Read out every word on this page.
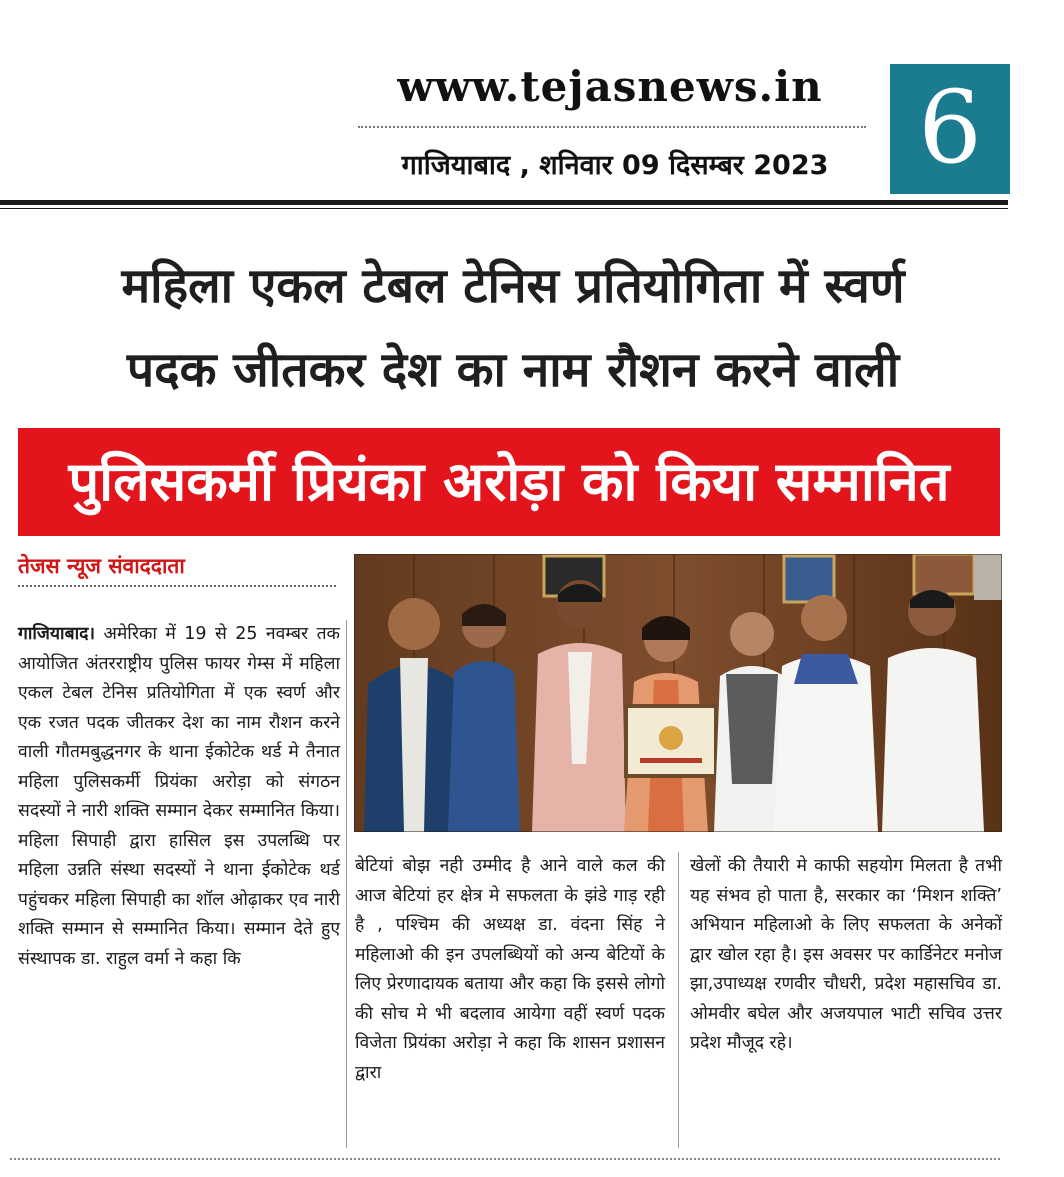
www.tejasnews.in
गाजियाबाद , शनिवार 09 दिसम्बर 2023 6
महिला एकल टेबल टेनिस प्रतियोगिता में स्वर्ण
पदक जीतकर देश का नाम रौशन करने वाली
पुलिसकर्मी प्रियंका अरोड़ा को किया सम्मानित
तेजस न्यूज संवाददाता
गाजियाबाद। अमेरिका में 19 से 25 नवम्बर तक आयोजित अंतरराष्ट्रीय पुलिस फायर गेम्स में महिला एकल टेबल टेनिस प्रतियोगिता में एक स्वर्ण और एक रजत पदक जीतकर देश का नाम रौशन करने वाली गौतमबुद्धनगर के थाना ईकोटेक थर्ड मे तैनात महिला पुलिसकर्मी प्रियंका अरोड़ा को संगठन सदस्यों ने नारी शक्ति सम्मान देकर सम्मानित किया। महिला सिपाही द्वारा हासिल इस उपलब्धि पर महिला उन्नति संस्था सदस्यों ने थाना ईकोटेक थर्ड पहुंचकर महिला सिपाही का शॉल ओढ़ाकर एव नारी शक्ति सम्मान से सम्मानित किया। सम्मान देते हुए संस्थापक डा. राहुल वर्मा ने कहा कि
बेटियां बोझ नही उम्मीद है आने वाले कल की आज बेटियां हर क्षेत्र मे सफलता के झंडे गाड़ रही है , पश्चिम की अध्यक्ष डा. वंदना सिंह ने महिलाओ की इन उपलब्धियों को अन्य बेटियों के लिए प्रेरणादायक बताया और कहा कि इससे लोगो की सोच मे भी बदलाव आयेगा वहीं स्वर्ण पदक विजेता प्रियंका अरोड़ा ने कहा कि शासन प्रशासन द्वारा
खेलों की तैयारी मे काफी सहयोग मिलता है तभी यह संभव हो पाता है, सरकार का ‘मिशन शक्ति’ अभियान महिलाओ के लिए सफलता के अनेकों द्वार खोल रहा है। इस अवसर पर कार्डिनेटर मनोज झा,उपाध्यक्ष रणवीर चौधरी, प्रदेश महासचिव डा. ओमवीर बघेल और अजयपाल भाटी सचिव उत्तर प्रदेश मौजूद रहे।
